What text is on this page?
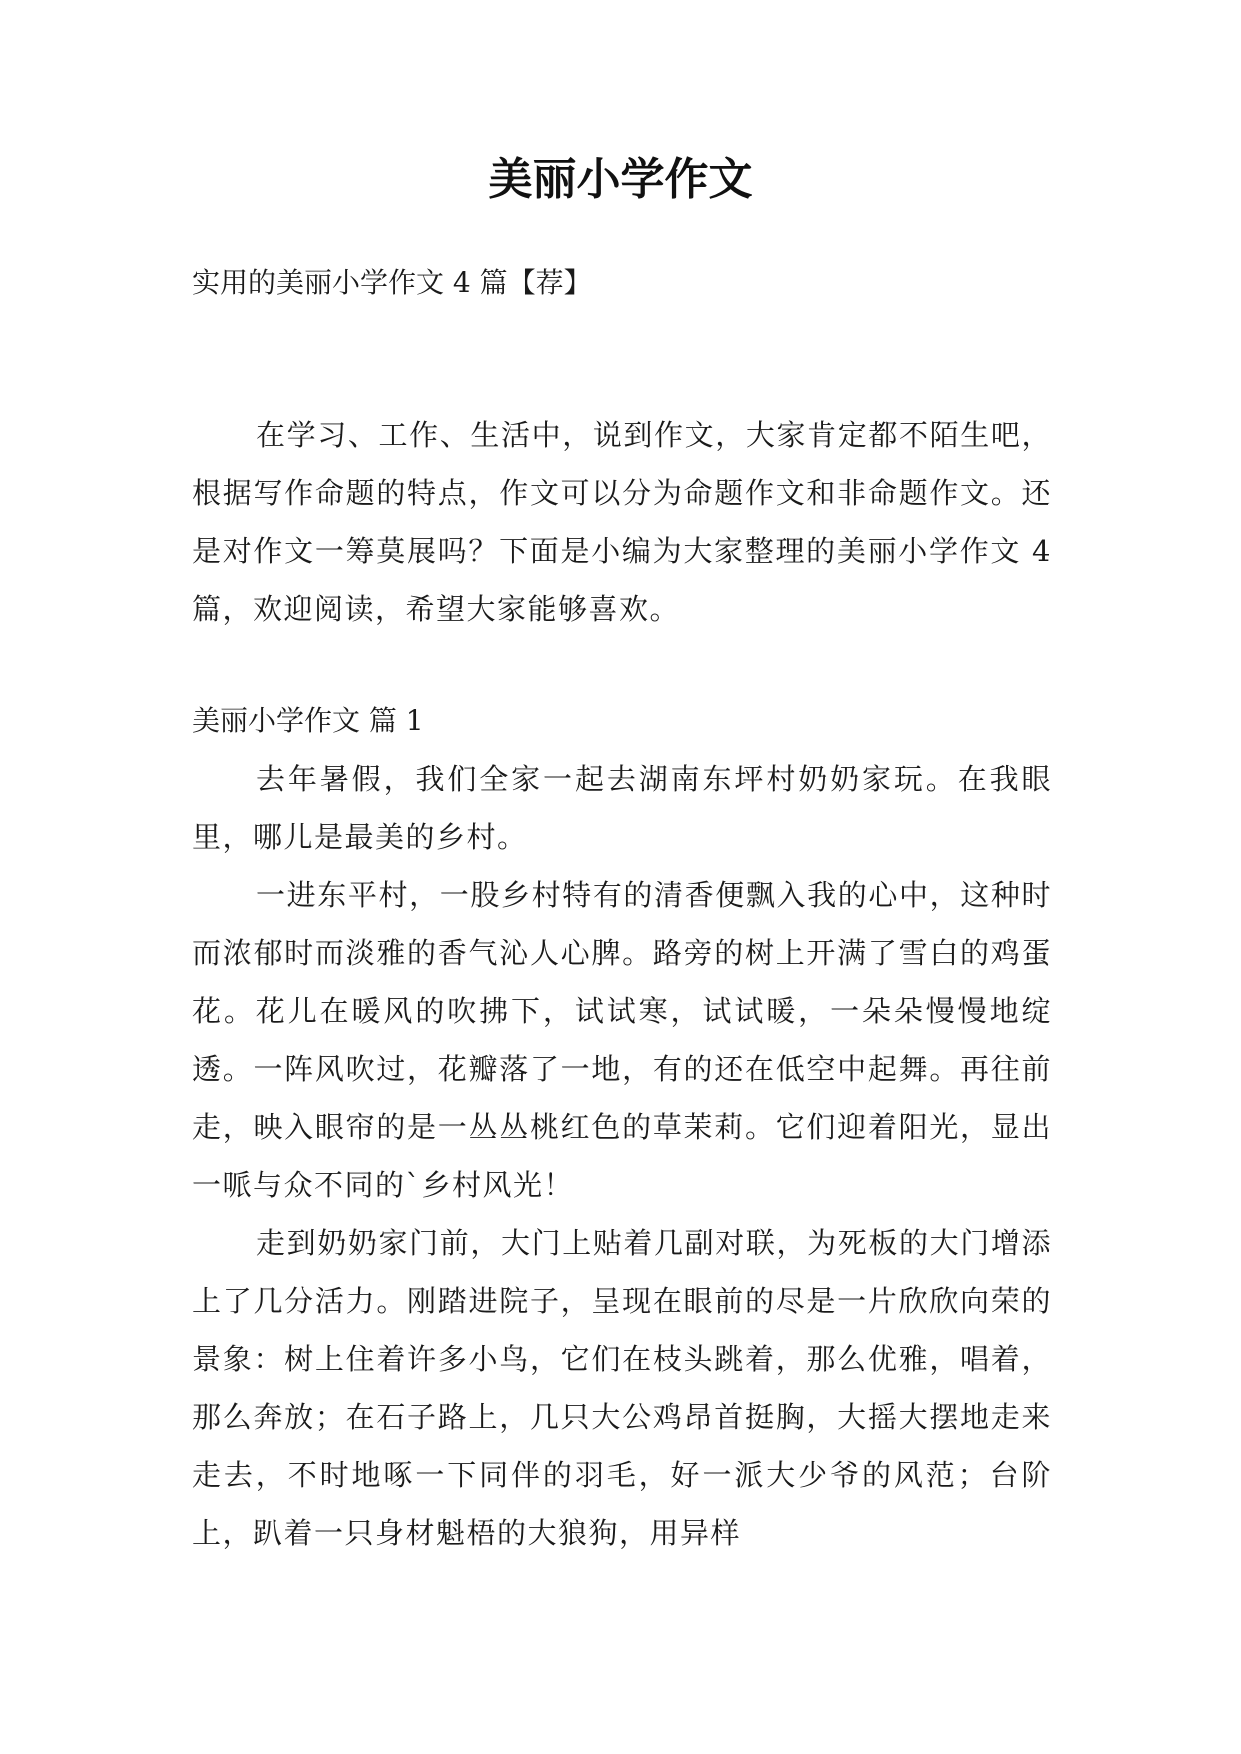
美丽小学作文
实用的美丽小学作文 4 篇【荐】
在学习、工作、生活中，说到作文，大家肯定都不陌生吧，根据写作命题的特点，作文可以分为命题作文和非命题作文。还是对作文一筹莫展吗？下面是小编为大家整理的美丽小学作文 4 篇，欢迎阅读，希望大家能够喜欢。
美丽小学作文 篇 1
去年暑假，我们全家一起去湖南东坪村奶奶家玩。在我眼里，哪儿是最美的乡村。
一进东平村，一股乡村特有的清香便飘入我的心中，这种时而浓郁时而淡雅的香气沁人心脾。路旁的树上开满了雪白的鸡蛋花。花儿在暖风的吹拂下，试试寒，试试暖，一朵朵慢慢地绽透。一阵风吹过，花瓣落了一地，有的还在低空中起舞。再往前走，映入眼帘的是一丛丛桃红色的草茉莉。它们迎着阳光，显出一哌与众不同的`乡村风光！
走到奶奶家门前，大门上贴着几副对联，为死板的大门增添上了几分活力。刚踏进院子，呈现在眼前的尽是一片欣欣向荣的景象：树上住着许多小鸟，它们在枝头跳着，那么优雅，唱着，那么奔放；在石子路上，几只大公鸡昂首挺胸，大摇大摆地走来走去，不时地啄一下同伴的羽毛，好一派大少爷的风范；台阶上，趴着一只身材魁梧的大狼狗，用异样
